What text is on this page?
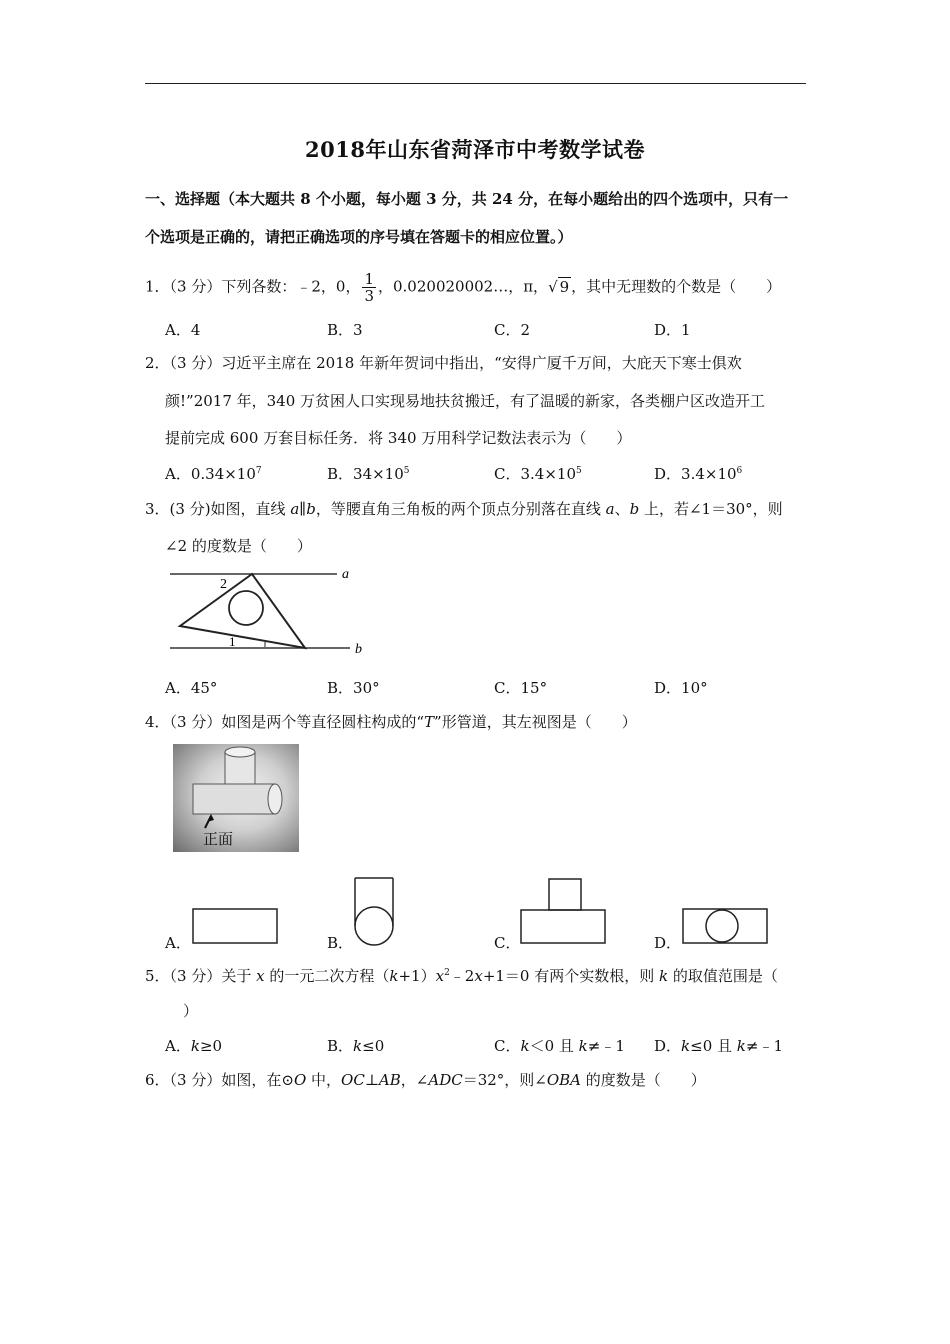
2018年山东省菏泽市中考数学试卷
一、选择题（本大题共 8 个小题，每小题 3 分，共 24 分，在每小题给出的四个选项中，只有一
个选项是正确的，请把正确选项的序号填在答题卡的相应位置。）
1．（3 分）下列各数：﹣2，0， $\frac{1}{3}$ ，0.020020002…，π，√ 9 ，其中无理数的个数是（　　）
A．4	B．3	C．2	D．1
2．（3 分）习近平主席在 2018 年新年贺词中指出，“安得广厦千万间，大庇天下寒士俱欢
颜!”2017 年，340 万贫困人口实现易地扶贫搬迁，有了温暖的新家，各类棚户区改造开工
提前完成 600 万套目标任务．将 340 万用科学记数法表示为（　　）
A．$0.34\times 10^7$	B．$34\times 10^5$	C．$3.4\times 10^5$	D．$3.4\times 10^6$
3．(3 分)如图，直线 a∥b，等腰直角三角板的两个顶点分别落在直线 a、b 上，若∠1＝30°，则
∠2 的度数是（　　）
a
b
2
1
A．45°	B．30°	C．15°	D．10°
4．（3 分）如图是两个等直径圆柱构成的“T”形管道，其左视图是（　　）
正面
A．	B．	C．	D．
5．（3 分）关于 x 的一元二次方程$(k+1)x^2﹣2x+1=0$ 有两个实数根，则 k 的取值范围是（
）
A．k≥0	B．k≤0	C．k＜0 且 k≠﹣1 D．k≤0 且 k≠﹣1
6．（3 分）如图，在⊙O 中，OC⊥AB，∠ADC＝32°，则∠OBA 的度数是（　　）
